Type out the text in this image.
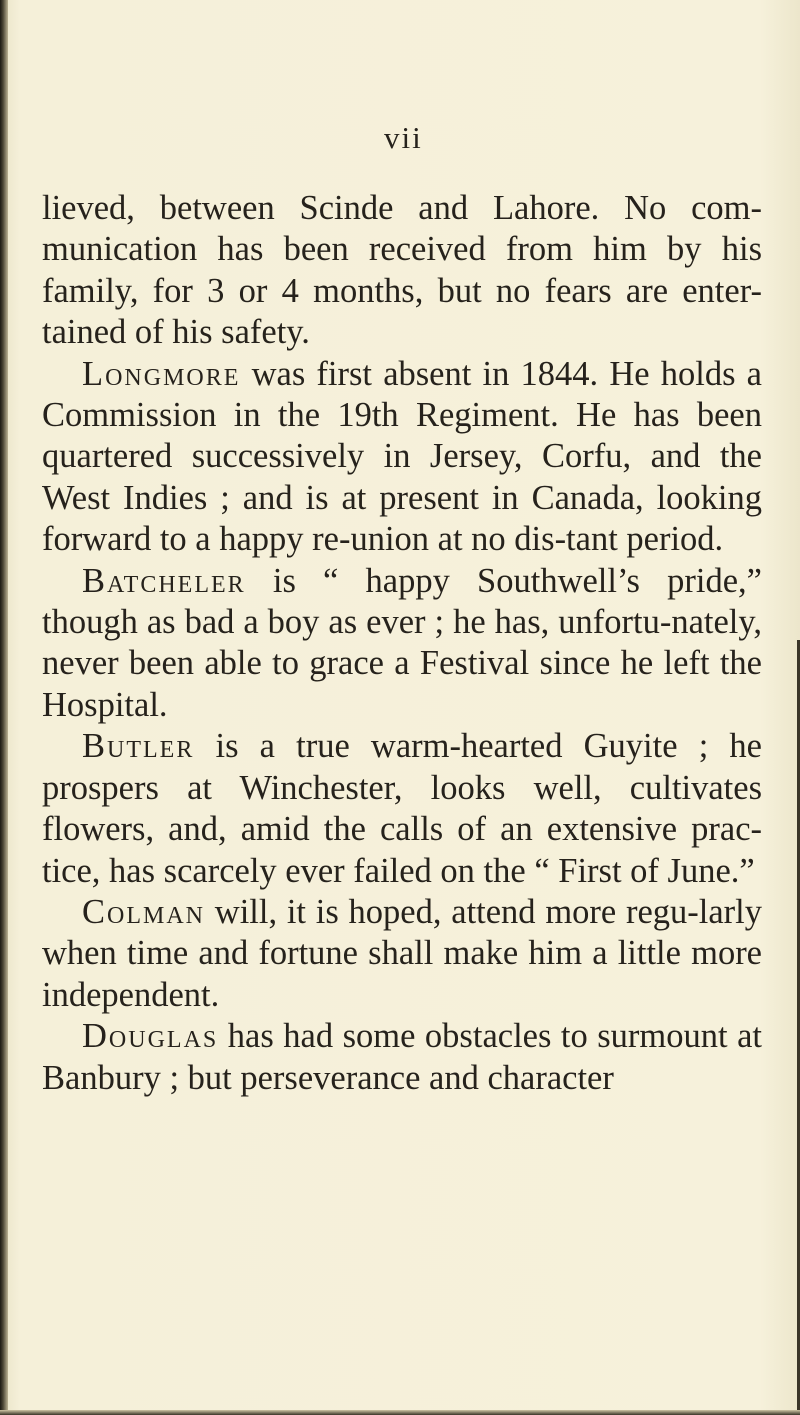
vii

lieved, between Scinde and Lahore. No com-munication has been received from him by his family, for 3 or 4 months, but no fears are enter-tained of his safety.

Longmore was first absent in 1844. He holds a Commission in the 19th Regiment. He has been quartered successively in Jersey, Corfu, and the West Indies ; and is at present in Canada, looking forward to a happy re-union at no dis-tant period.

Batcheler is “ happy Southwell’s pride,” though as bad a boy as ever ; he has, unfortu-nately, never been able to grace a Festival since he left the Hospital.

Butler is a true warm-hearted Guyite ; he prospers at Winchester, looks well, cultivates flowers, and, amid the calls of an extensive prac-tice, has scarcely ever failed on the “ First of June.”

Colman will, it is hoped, attend more regu-larly when time and fortune shall make him a little more independent.

Douglas has had some obstacles to surmount at Banbury ; but perseverance and character
